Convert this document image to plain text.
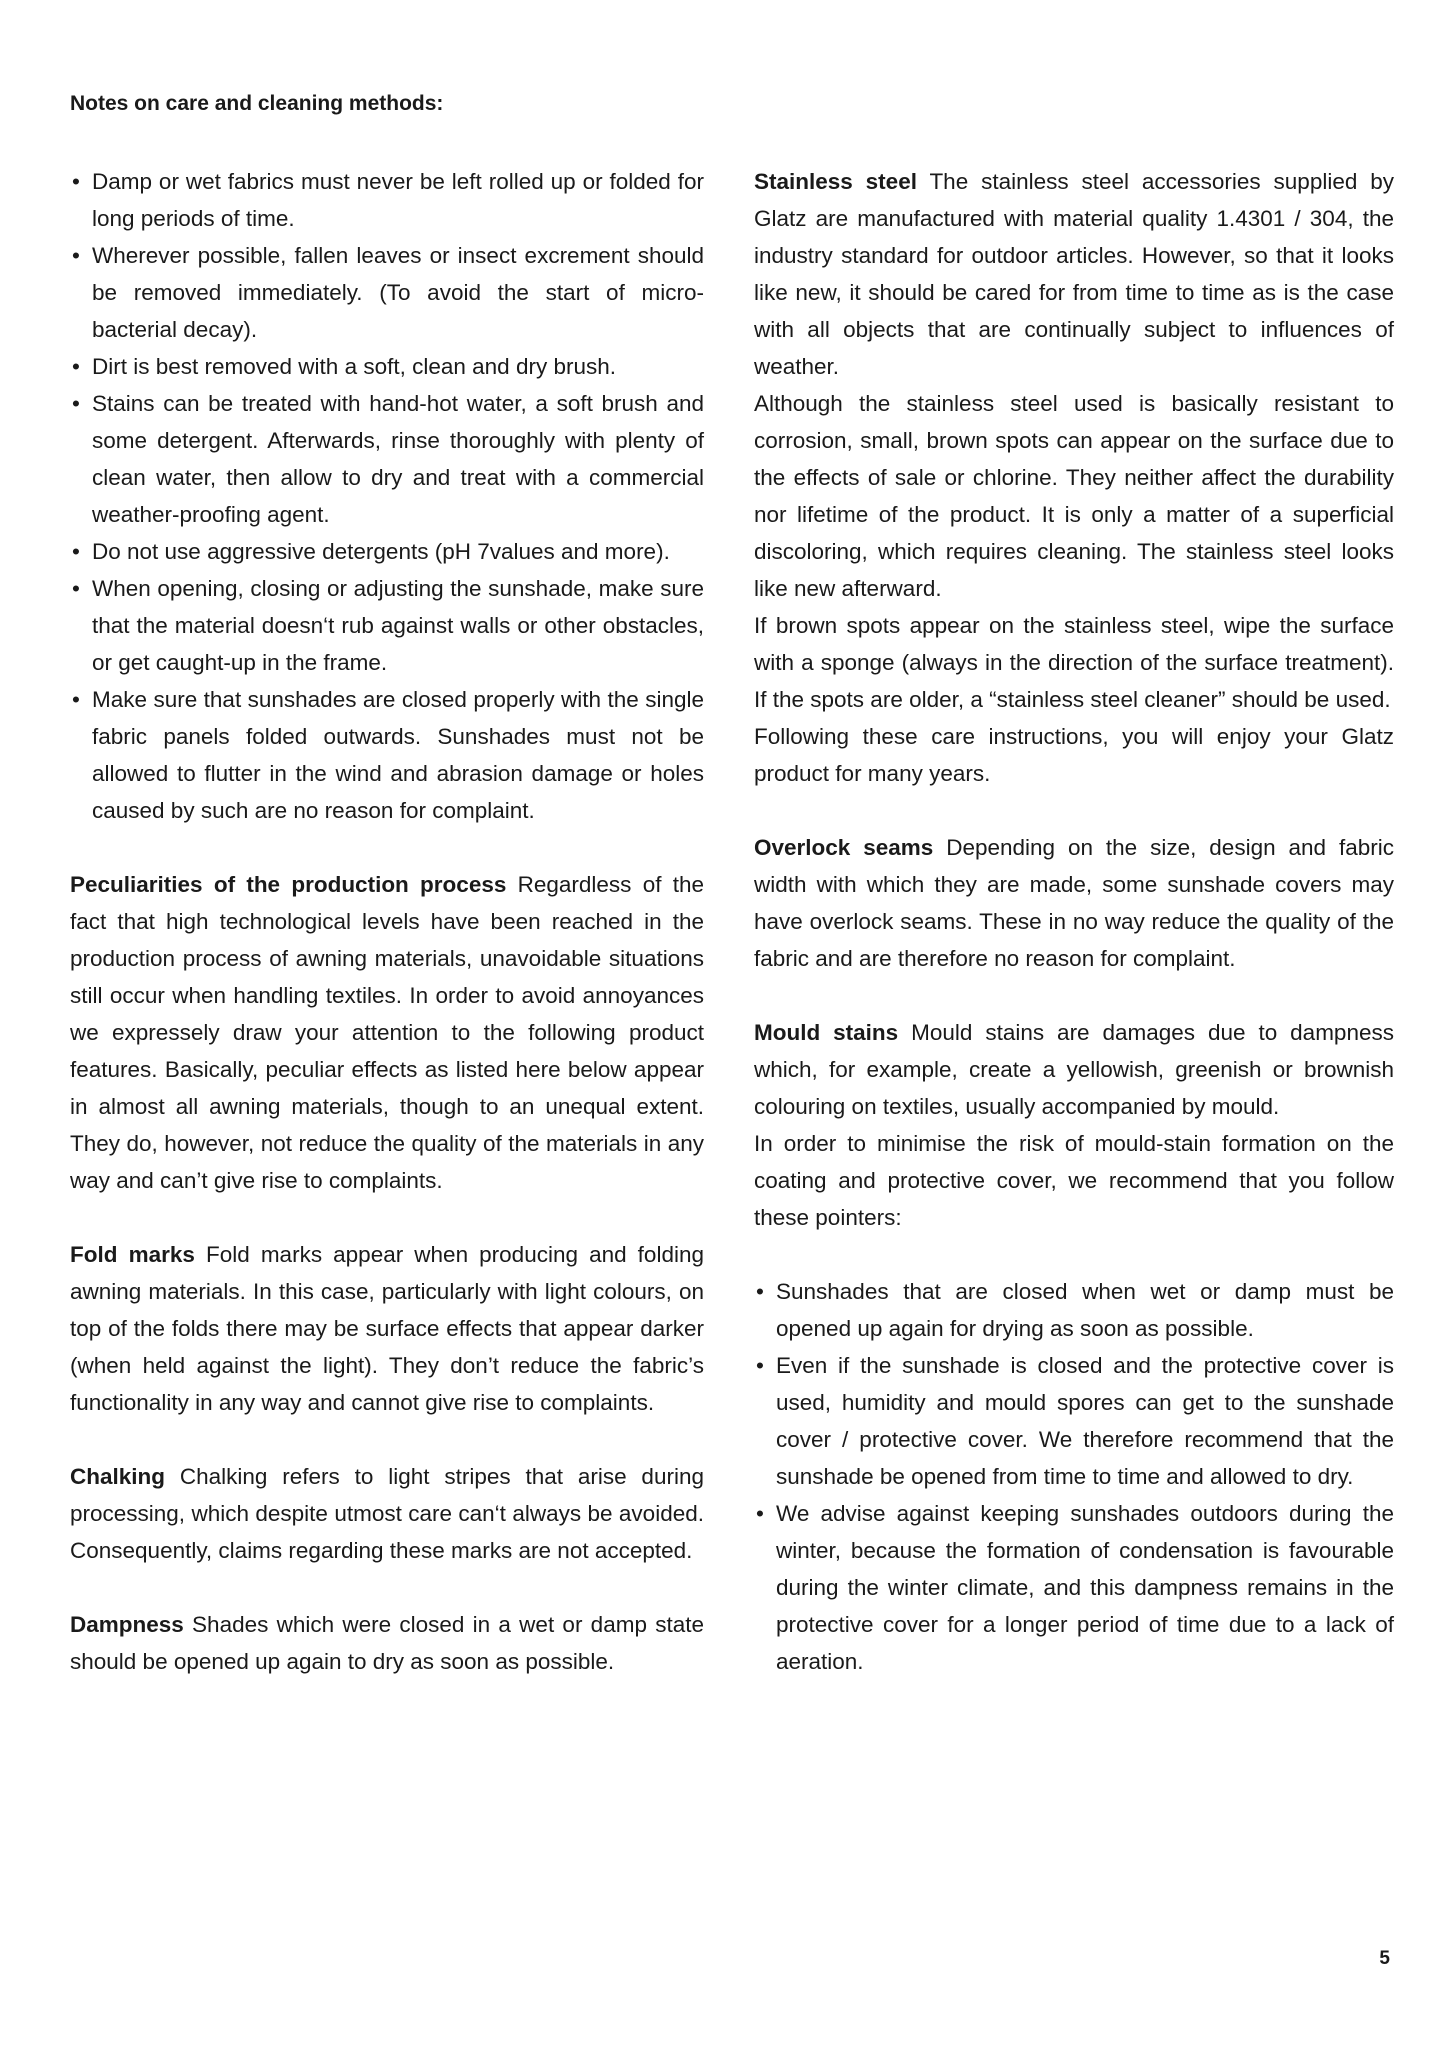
Notes on care and cleaning methods:
• Damp or wet fabrics must never be left rolled up or folded for long periods of time.
• Wherever possible, fallen leaves or insect excrement should be removed immediately. (To avoid the start of micro-bacterial decay).
• Dirt is best removed with a soft, clean and dry brush.
• Stains can be treated with hand-hot water, a soft brush and some detergent. Afterwards, rinse thoroughly with plenty of clean water, then allow to dry and treat with a commercial weather-proofing agent.
• Do not use aggressive detergents (pH 7values and more).
• When opening, closing or adjusting the sunshade, make sure that the material doesn‘t rub against walls or other obstacles, or get caught-up in the frame.
• Make sure that sunshades are closed properly with the single fabric panels folded outwards. Sunshades must not be allowed to flutter in the wind and abrasion damage or holes caused by such are no reason for complaint.

Peculiarities of the production process Regardless of the fact that high technological levels have been reached in the production process of awning materials, unavoidable situations still occur when handling textiles. In order to avoid annoyances we expressely draw your attention to the following product features. Basically, peculiar effects as listed here below appear in almost all awning materials, though to an unequal extent. They do, however, not reduce the quality of the materials in any way and can’t give rise to complaints.

Fold marks Fold marks appear when producing and folding awning materials. In this case, particularly with light colours, on top of the folds there may be surface effects that appear darker (when held against the light). They don’t reduce the fabric’s functionality in any way and cannot give rise to complaints.

Chalking Chalking refers to light stripes that arise during processing, which despite utmost care can‘t always be avoided. Consequently, claims regarding these marks are not accepted.

Dampness Shades which were closed in a wet or damp state should be opened up again to dry as soon as possible.

Stainless steel The stainless steel accessories supplied by Glatz are manufactured with material quality 1.4301 / 304, the industry standard for outdoor articles. However, so that it looks like new, it should be cared for from time to time as is the case with all objects that are continually subject to influences of weather.

Although the stainless steel used is basically resistant to corrosion, small, brown spots can appear on the surface due to the effects of sale or chlorine. They neither affect the durability nor lifetime of the product. It is only a matter of a superficial discoloring, which requires cleaning. The stainless steel looks like new afterward.

If brown spots appear on the stainless steel, wipe the surface with a sponge (always in the direction of the surface treatment). If the spots are older, a “stainless steel cleaner” should be used.

Following these care instructions, you will enjoy your Glatz product for many years.

Overlock seams Depending on the size, design and fabric width with which they are made, some sunshade covers may have overlock seams. These in no way reduce the quality of the fabric and are therefore no reason for complaint.

Mould stains Mould stains are damages due to dampness which, for example, create a yellowish, greenish or brownish colouring on textiles, usually accompanied by mould.

In order to minimise the risk of mould-stain formation on the coating and protective cover, we recommend that you follow these pointers:

• Sunshades that are closed when wet or damp must be opened up again for drying as soon as possible.
• Even if the sunshade is closed and the protective cover is used, humidity and mould spores can get to the sunshade cover / protective cover. We therefore recommend that the sunshade be opened from time to time and allowed to dry.
• We advise against keeping sunshades outdoors during the winter, because the formation of condensation is favourable during the winter climate, and this dampness remains in the protective cover for a longer period of time due to a lack of aeration.
5
